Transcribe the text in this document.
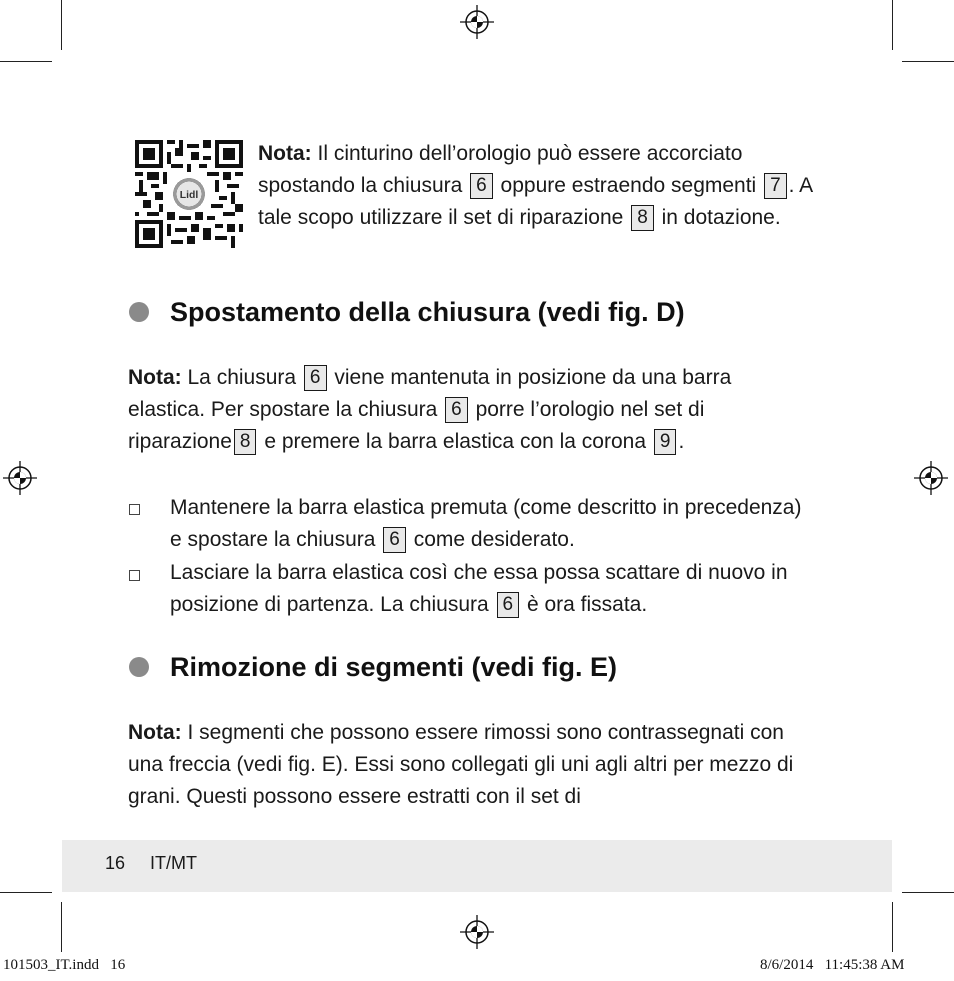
Lidl
Nota: Il cinturino dell’orologio può essere accorciato spostando la chiusura 6 oppure estraendo segmenti 7 . A tale scopo utilizzare il set di riparazione 8 in dotazione.
Spostamento della chiusura (vedi fig. D)
Nota: La chiusura 6 viene mantenuta in posizione da una barra elastica. Per spostare la chiusura 6 porre l’orologio nel set di riparazione 8 e premere la barra elastica con la corona 9 .
Mantenere la barra elastica premuta (come descritto in precedenza) e spostare la chiusura 6 come desiderato.
Lasciare la barra elastica così che essa possa scattare di nuovo in posizione di partenza. La chiusura 6 è ora fissata.
Rimozione di segmenti (vedi fig. E)
Nota: I segmenti che possono essere rimossi sono contrassegnati con una freccia (vedi fig. E). Essi sono collegati gli uni agli altri per mezzo di grani. Questi possono essere estratti con il set di
16 IT/MT
101503_IT.indd   16	8/6/2014   11:45:38 AM
